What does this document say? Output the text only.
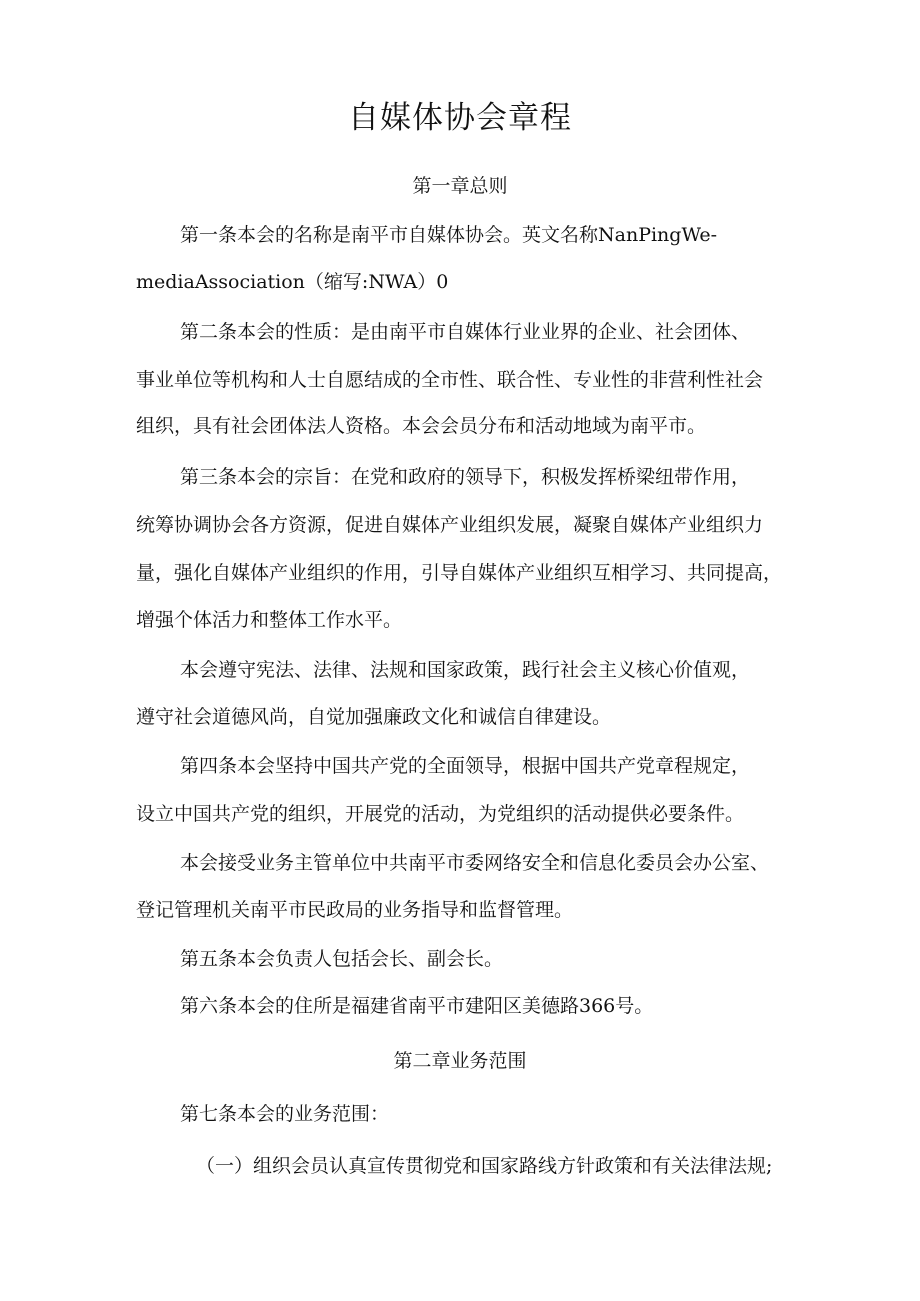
自媒体协会章程
第一章总则

第一条本会的名称是南平市自媒体协会。英文名称NanPingWe-

mediaAssociation（缩写:NWA）0

第二条本会的性质：是由南平市自媒体行业业界的企业、社会团体、

事业单位等机构和人士自愿结成的全市性、联合性、专业性的非营利性社会

组织，具有社会团体法人资格。本会会员分布和活动地域为南平市。

第三条本会的宗旨：在党和政府的领导下，积极发挥桥梁纽带作用，

统筹协调协会各方资源，促进自媒体产业组织发展，凝聚自媒体产业组织力

量，强化自媒体产业组织的作用，引导自媒体产业组织互相学习、共同提高，

增强个体活力和整体工作水平。

本会遵守宪法、法律、法规和国家政策，践行社会主义核心价值观，

遵守社会道德风尚，自觉加强廉政文化和诚信自律建设。

第四条本会坚持中国共产党的全面领导，根据中国共产党章程规定，

设立中国共产党的组织，开展党的活动，为党组织的活动提供必要条件。

本会接受业务主管单位中共南平市委网络安全和信息化委员会办公室、

登记管理机关南平市民政局的业务指导和监督管理。

第五条本会负责人包括会长、副会长。

第六条本会的住所是福建省南平市建阳区美德路366号。

第二章业务范围

第七条本会的业务范围：

（一）组织会员认真宣传贯彻党和国家路线方针政策和有关法律法规;
